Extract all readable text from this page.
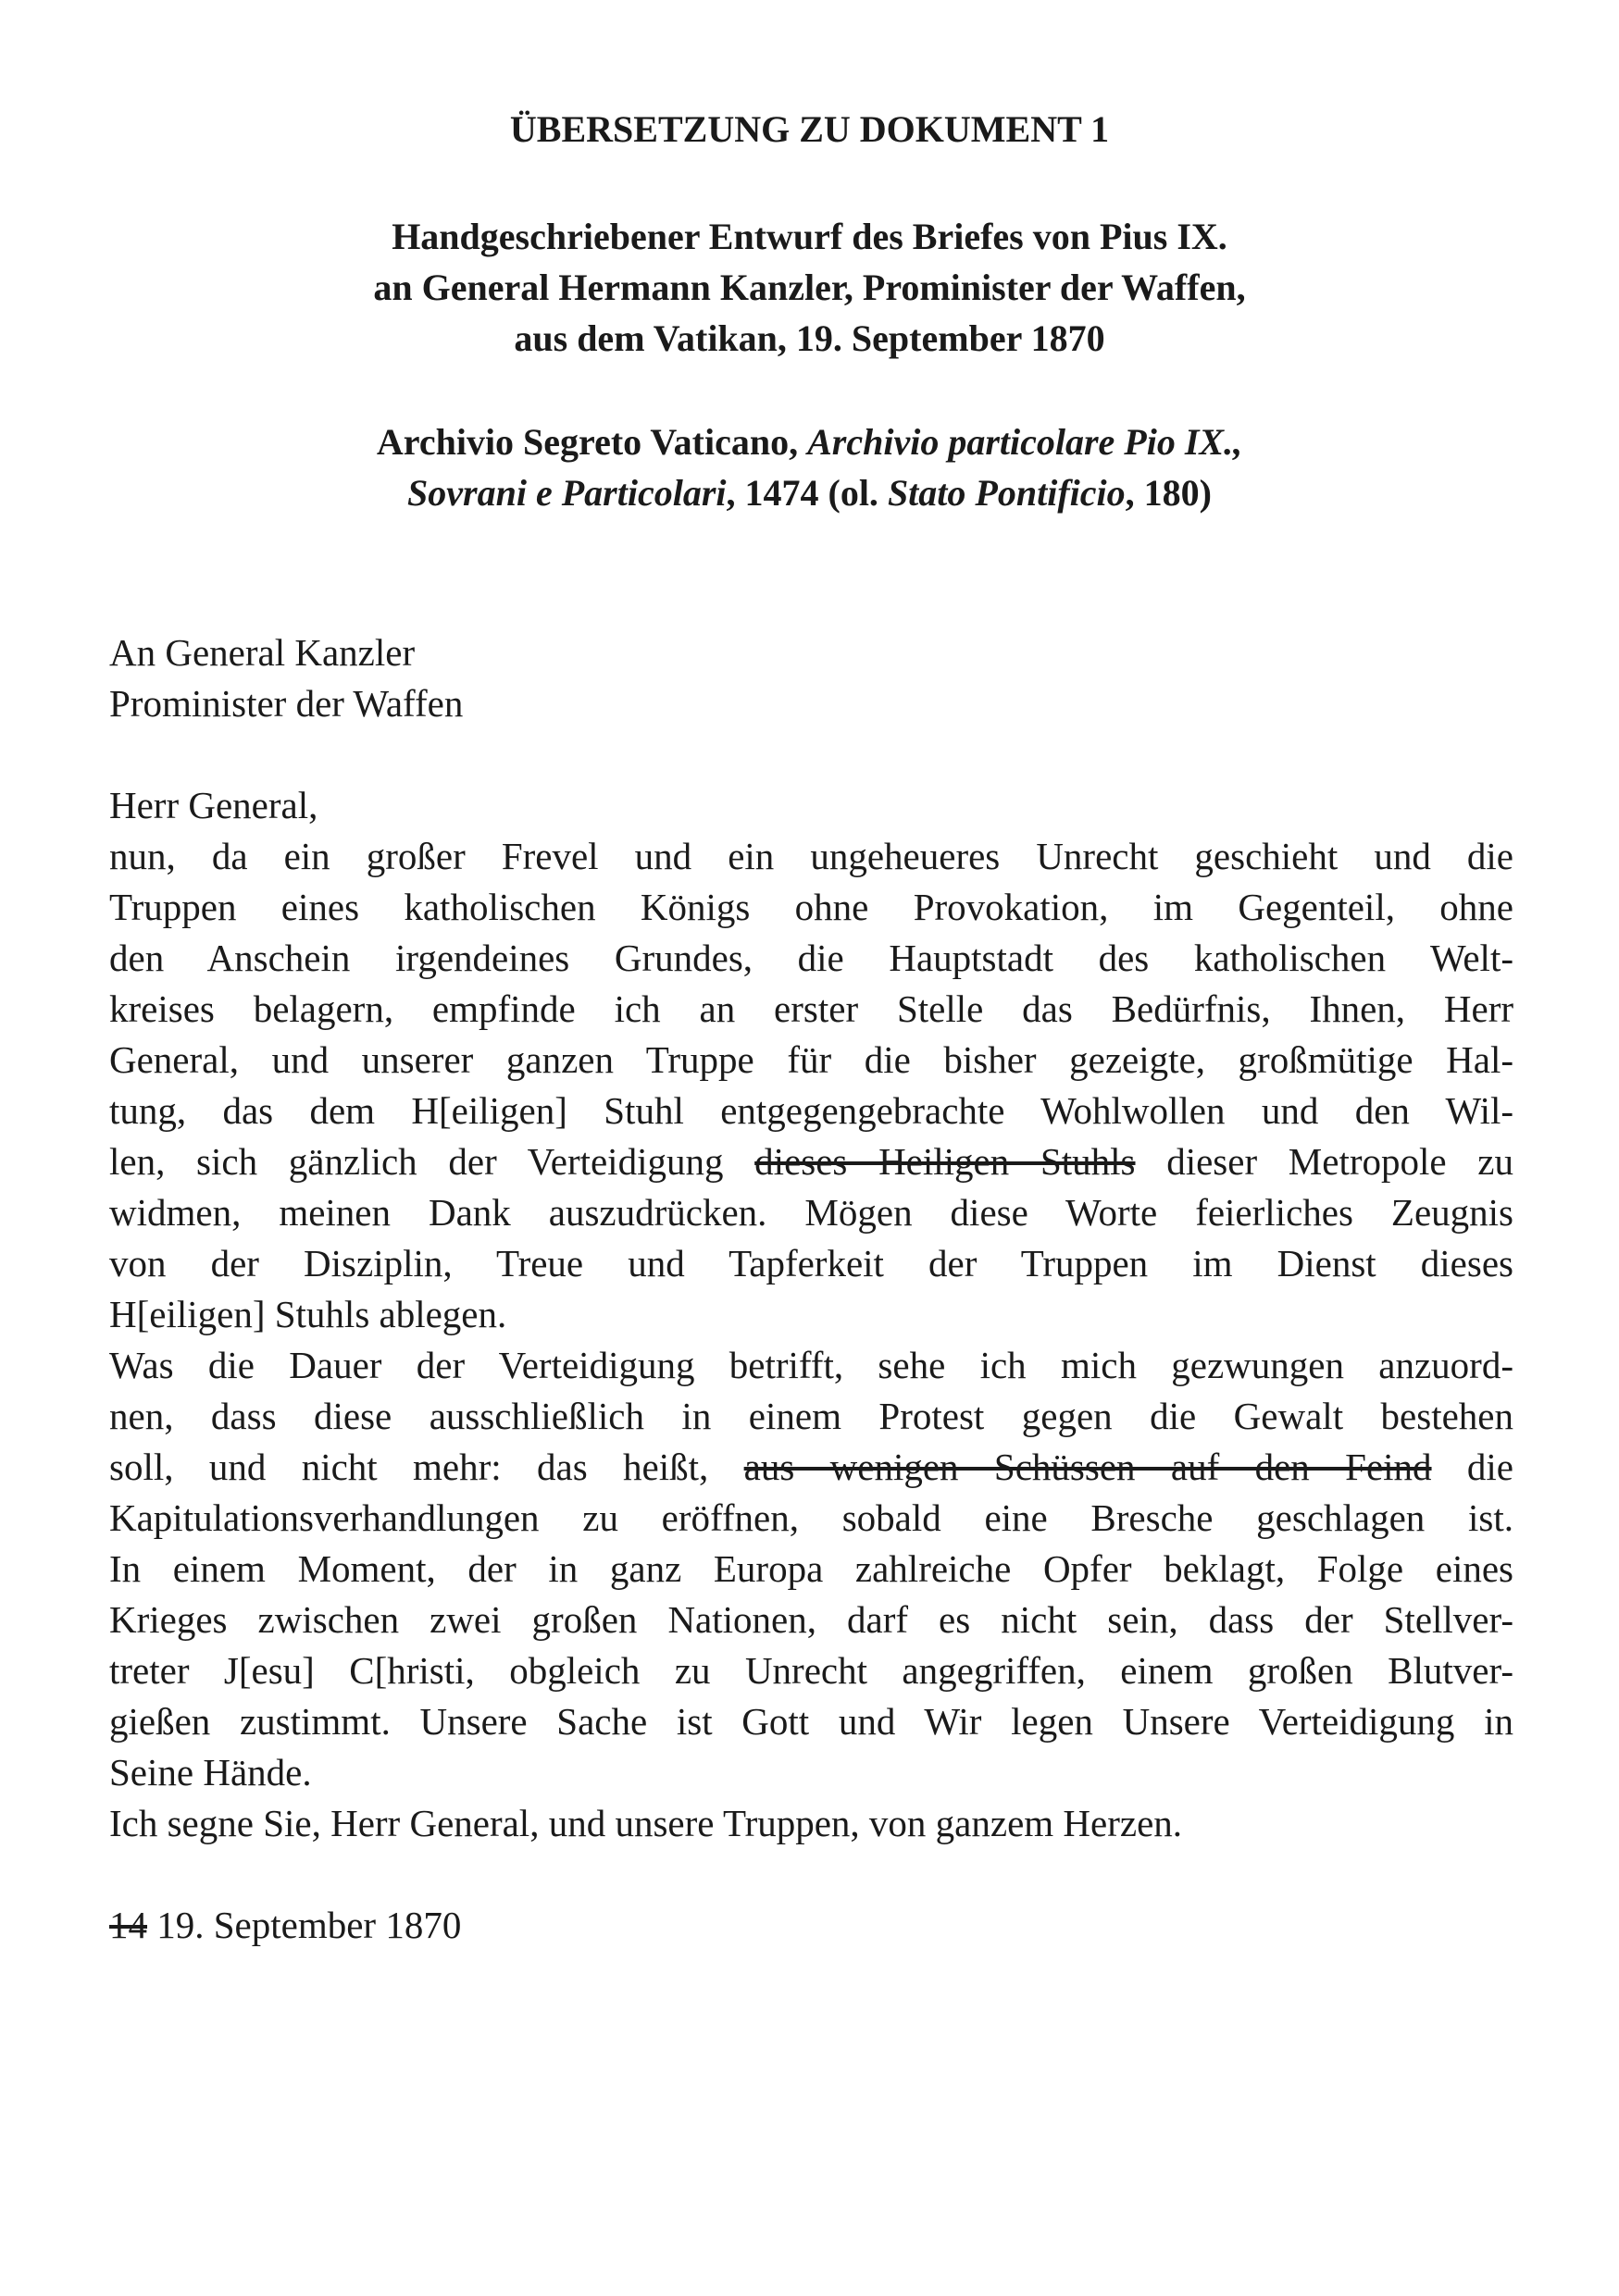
ÜBERSETZUNG ZU DOKUMENT 1
Handgeschriebener Entwurf des Briefes von Pius IX.
an General Hermann Kanzler, Prominister der Waffen,
aus dem Vatikan, 19. September 1870
Archivio Segreto Vaticano, Archivio particolare Pio IX.,
Sovrani e Particolari, 1474 (ol. Stato Pontificio, 180)
An General Kanzler
Prominister der Waffen
Herr General,
nun, da ein großer Frevel und ein ungeheueres Unrecht geschieht und die
Truppen eines katholischen Königs ohne Provokation, im Gegenteil, ohne
den Anschein irgendeines Grundes, die Hauptstadt des katholischen Welt-
kreises belagern, empfinde ich an erster Stelle das Bedürfnis, Ihnen, Herr
General, und unserer ganzen Truppe für die bisher gezeigte, großmütige Hal-
tung, das dem H[eiligen] Stuhl entgegengebrachte Wohlwollen und den Wil-
len, sich gänzlich der Verteidigung dieses Heiligen Stuhls dieser Metropole zu
widmen, meinen Dank auszudrücken. Mögen diese Worte feierliches Zeugnis
von der Disziplin, Treue und Tapferkeit der Truppen im Dienst dieses
H[eiligen] Stuhls ablegen.
Was die Dauer der Verteidigung betrifft, sehe ich mich gezwungen anzuord-
nen, dass diese ausschließlich in einem Protest gegen die Gewalt bestehen
soll, und nicht mehr: das heißt, aus wenigen Schüssen auf den Feind die
Kapitulationsverhandlungen zu eröffnen, sobald eine Bresche geschlagen ist.
In einem Moment, der in ganz Europa zahlreiche Opfer beklagt, Folge eines
Krieges zwischen zwei großen Nationen, darf es nicht sein, dass der Stellver-
treter J[esu] C[hristi, obgleich zu Unrecht angegriffen, einem großen Blutver-
gießen zustimmt. Unsere Sache ist Gott und Wir legen Unsere Verteidigung in
Seine Hände.
Ich segne Sie, Herr General, und unsere Truppen, von ganzem Herzen.
14 19. September 1870
